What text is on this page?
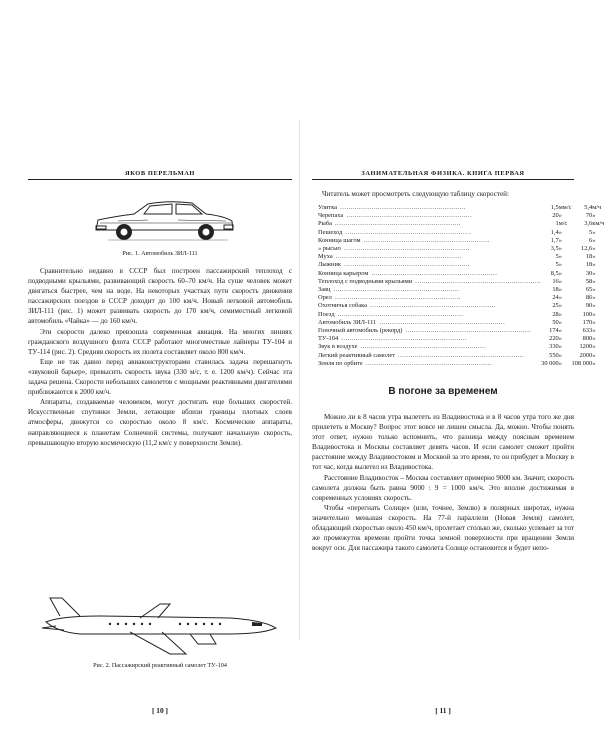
ЯКОВ ПЕРЕЛЬМАН
Рис. 1. Автомобиль ЗИЛ-111

Сравнительно недавно в СССР был построен пассажирский теплоход с подводными крыльями, развивающий скорость 60–70 км/ч. На суше человек может двигаться быстрее, чем на воде. На некоторых участках пути скорость движения пассажирских поездов в СССР доходит до 100 км/ч. Новый легковой автомобиль ЗИЛ-111 (рис. 1) может развивать скорость до 170 км/ч, семиместный легковой автомобиль «Чайка» — до 160 км/ч.

Эти скорости далеко превзошла современная авиация. На многих линиях гражданского воздушного флота СССР работают многоместные лайнеры ТУ-104 и ТУ-114 (рис. 2). Средняя скорость их полета составляет около 800 км/ч.

Еще не так давно перед авиаконструкторами ставилась задача перешагнуть «звуковой барьер», превысить скорость звука (330 м/с, т. е. 1200 км/ч). Сейчас эта задача решена. Скорости небольших самолетов с мощными реактивными двигателями приближаются к 2000 км/ч.

Аппараты, создаваемые человеком, могут достигать еще больших скоростей. Искусственные спутники Земли, летающие вблизи границы плотных слоев атмосферы, движутся со скоростью около 8 км/с. Космические аппараты, направляющиеся к планетам Солнечной системы, получают начальную скорость, превышающую вторую космическую (11,2 км/с у поверхности Земли).

Рис. 2. Пассажирский реактивный самолет ТУ-104
[ 10 ]
ЗАНИМАТЕЛЬНАЯ ФИЗИКА. КНИГА ПЕРВАЯ
Читатель может просмотреть следующую таблицу скоростей:
Улитка ............................................................	1,5	мм/с	5,4	м/ч
Черепаха ............................................................	20	»	70	»
Рыба ............................................................	1	м/с	3,6	км/ч
Пешеход ............................................................	1,4	»	5	»
Конница шагом ............................................................	1,7	»	6	»
» рысью ............................................................	3,5	»	12,6	»
Муха ............................................................	5	»	18	»
Лыжник ............................................................	5	»	18	»
Конница карьером ............................................................	8,5	»	30	»
Теплоход с подводными крыльями ............................................................	16	»	58	»
Заяц ............................................................	18	»	65	»
Орел ............................................................	24	»	86	»
Охотничья собака ............................................................	25	»	90	»
Поезд ............................................................	28	»	100	»
Автомобиль ЗИЛ-111 ............................................................	50	»	170	»
Гоночный автомобиль (рекорд) ............................................................	174	»	633	»
ТУ-104 ............................................................	220	»	800	»
Звук в воздухе ............................................................	330	»	1200	»
Легкий реактивный самолет ............................................................	550	»	2000	»
Земля по орбите ............................................................	30 000	»	108 000	»
В погоне за временем

Можно ли в 8 часов утра вылететь из Владивостока и в 8 часов утра того же дня прилететь в Москву? Вопрос этот вовсе не лишен смысла. Да, можно. Чтобы понять этот ответ, нужно только вспомнить, что разница между поясным временем Владивостока и Москвы составляет девять часов. И если самолет сможет пройти расстояние между Владивостоком и Москвой за это время, то он прибудет в Москву в тот час, когда вылетел из Владивостока.

Расстояние Владивосток – Москва составляет примерно 9000 км. Значит, скорость самолета должна быть равна 9000 : 9 = 1000 км/ч. Это вполне достижимая в современных условиях скорость.

Чтобы «перегнать Солнце» (или, точнее, Землю) в полярных широтах, нужна значительно меньшая скорость. На 77-й параллели (Новая Земля) самолет, обладающий скоростью около 450 км/ч, пролетает столько же, сколько успевает за тот же промежуток времени пройти точка земной поверхности при вращении Земли вокруг оси. Для пассажира такого самолета Солнце остановится и будет непо-

[ 11 ]
